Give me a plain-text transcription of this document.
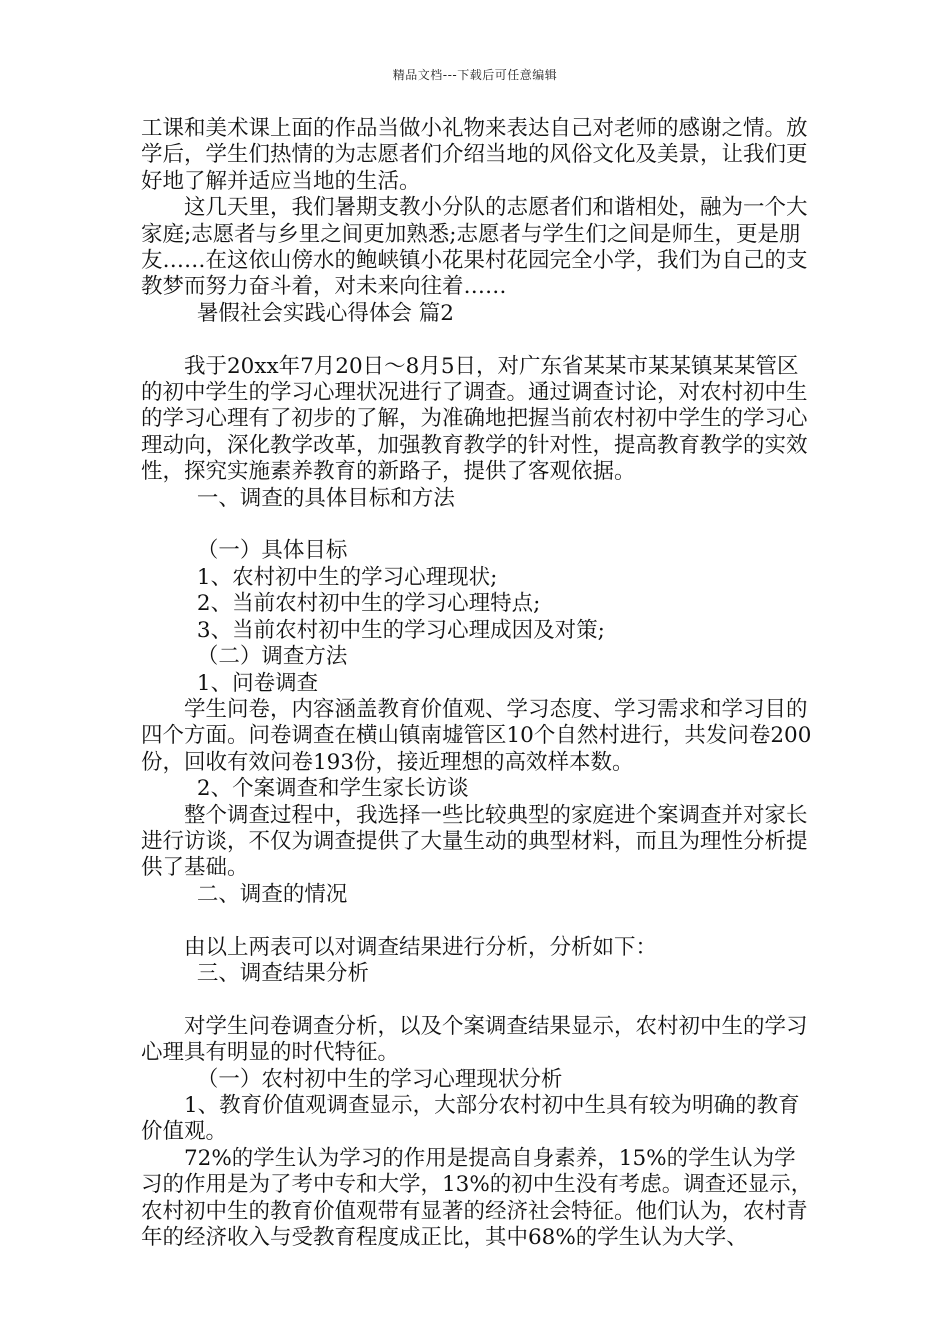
精品文档---下载后可任意编辑

工课和美术课上面的作品当做小礼物来表达自己对老师的感谢之情。放学后，学生们热情的为志愿者们介绍当地的风俗文化及美景，让我们更好地了解并适应当地的生活。

这几天里，我们暑期支教小分队的志愿者们和谐相处，融为一个大家庭;志愿者与乡里之间更加熟悉;志愿者与学生们之间是师生，更是朋友……在这依山傍水的鲍峡镇小花果村花园完全小学，我们为自己的支教梦而努力奋斗着，对未来向往着……

暑假社会实践心得体会 篇2

我于20xx年7月20日～8月5日，对广东省某某市某某镇某某管区的初中学生的学习心理状况进行了调查。通过调查讨论，对农村初中生的学习心理有了初步的了解，为准确地把握当前农村初中学生的学习心理动向，深化教学改革，加强教育教学的针对性，提高教育教学的实效性，探究实施素养教育的新路子，提供了客观依据。

一、调查的具体目标和方法

（一）具体目标

1、农村初中生的学习心理现状;

2、当前农村初中生的学习心理特点;

3、当前农村初中生的学习心理成因及对策;

（二）调查方法

1、问卷调查

学生问卷，内容涵盖教育价值观、学习态度、学习需求和学习目的四个方面。问卷调查在横山镇南墟管区10个自然村进行，共发问卷200份，回收有效问卷193份，接近理想的高效样本数。

2、个案调查和学生家长访谈

整个调查过程中，我选择一些比较典型的家庭进个案调查并对家长进行访谈，不仅为调查提供了大量生动的典型材料，而且为理性分析提供了基础。

二、调查的情况

由以上两表可以对调查结果进行分析，分析如下：

三、调查结果分析

对学生问卷调查分析，以及个案调查结果显示，农村初中生的学习心理具有明显的时代特征。

（一）农村初中生的学习心理现状分析

1、教育价值观调查显示，大部分农村初中生具有较为明确的教育价值观。

72%的学生认为学习的作用是提高自身素养，15%的学生认为学习的作用是为了考中专和大学，13%的初中生没有考虑。调查还显示，农村初中生的教育价值观带有显著的经济社会特征。他们认为，农村青年的经济收入与受教育程度成正比，其中68%的学生认为大学、
